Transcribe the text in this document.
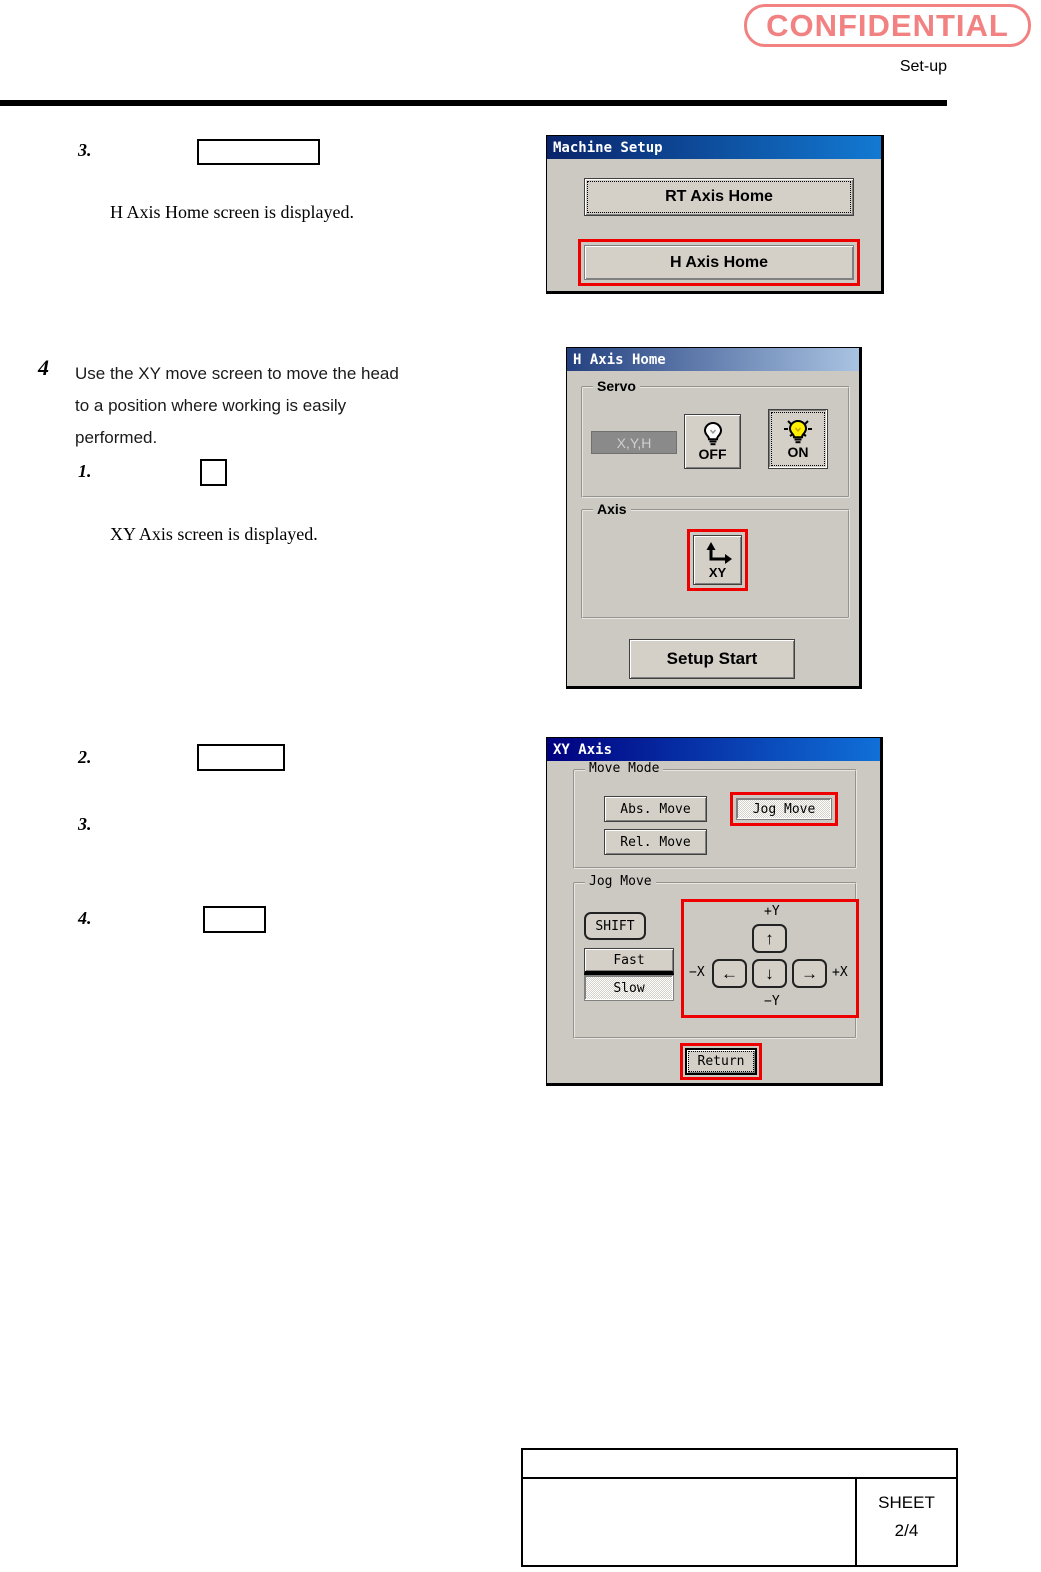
CONFIDENTIAL
Set-up
3.
H Axis Home screen is displayed.
Machine Setup
RT Axis Home
H Axis Home
4 Use the XY move screen to move the head
to a position where working is easily
performed.
1.
XY Axis screen is displayed.
H Axis Home
Servo
X,Y,H
OFF	ON
Axis
XY
Setup Start
2.
3.
4.
XY Axis
Move Mode
Abs. Move
Rel. Move
Jog Move
Jog Move
SHIFT
Fast
Slow
+Y
↑
−X ← ↓ → +X
−Y
Return
SHEET
2/4
